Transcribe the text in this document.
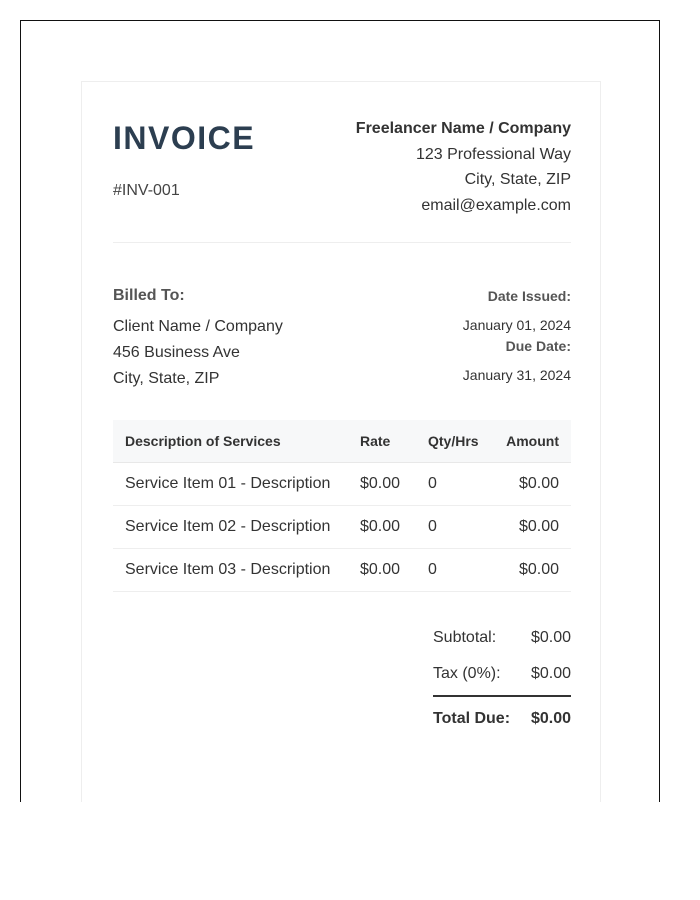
INVOICE
#INV-001
Freelancer Name / Company
123 Professional Way
City, State, ZIP
email@example.com
Billed To:
Client Name / Company
456 Business Ave
City, State, ZIP
Date Issued:
January 01, 2024
Due Date:
January 31, 2024
Description of Services	Rate	Qty/Hrs	Amount
Service Item 01 - Description	$0.00	0	$0.00
Service Item 02 - Description	$0.00	0	$0.00
Service Item 03 - Description	$0.00	0	$0.00
Subtotal: $0.00
Tax (0%): $0.00
Total Due: $0.00
